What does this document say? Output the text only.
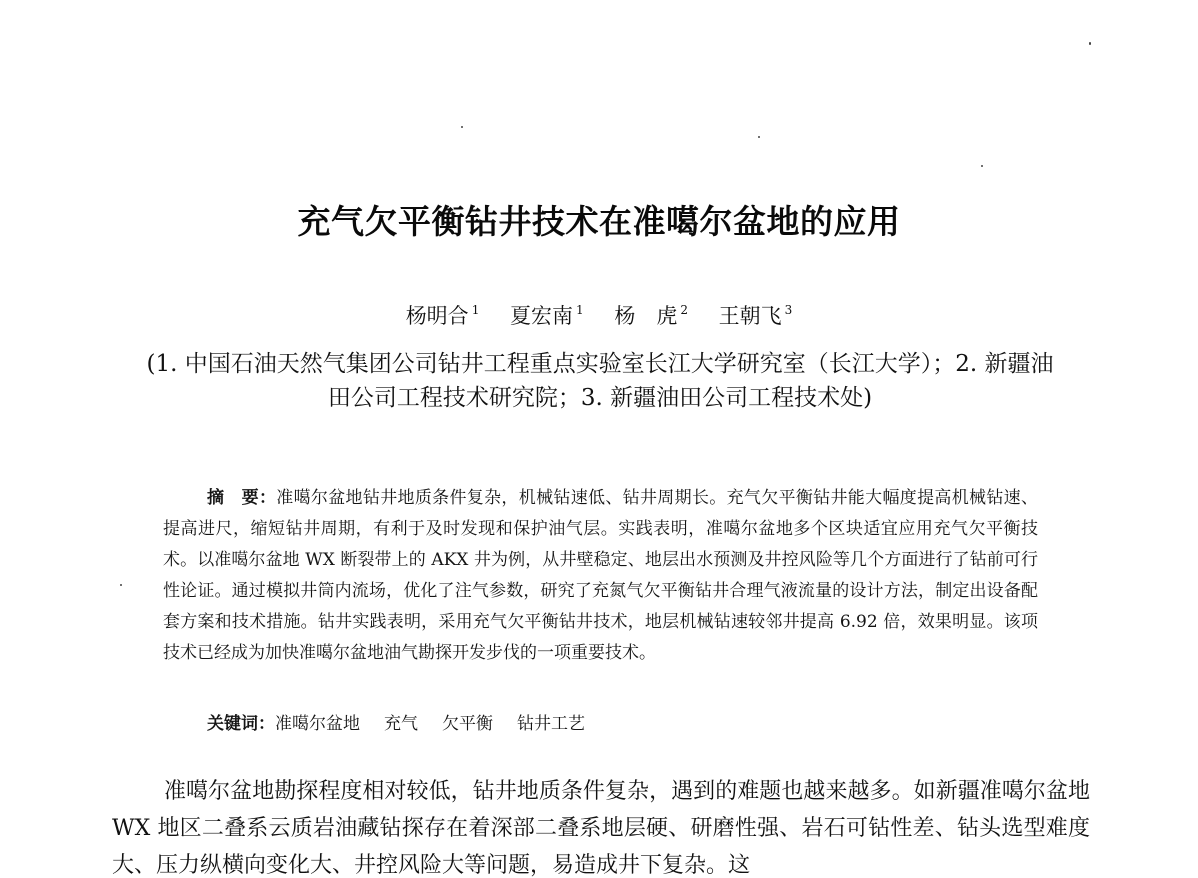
充气欠平衡钻井技术在准噶尔盆地的应用
杨明合 $^1$ 夏宏南 $^1$ 杨　虎 $^2$ 王朝飞 $^3$
(1. 中国石油天然气集团公司钻井工程重点实验室长江大学研究室（长江大学）；2. 新疆油田公司工程技术研究院；3. 新疆油田公司工程技术处)
摘　要：准噶尔盆地钻井地质条件复杂，机械钻速低、钻井周期长。充气欠平衡钻井能大幅度提高机械钻速、提高进尺，缩短钻井周期，有利于及时发现和保护油气层。实践表明，准噶尔盆地多个区块适宜应用充气欠平衡技术。以准噶尔盆地 WX 断裂带上的 AKX 井为例，从井壁稳定、地层出水预测及井控风险等几个方面进行了钻前可行性论证。通过模拟井筒内流场，优化了注气参数，研究了充氮气欠平衡钻井合理气液流量的设计方法，制定出设备配套方案和技术措施。钻井实践表明，采用充气欠平衡钻井技术，地层机械钻速较邻井提高 6.92 倍，效果明显。该项技术已经成为加快准噶尔盆地油气勘探开发步伐的一项重要技术。
关键词：准噶尔盆地 充气 欠平衡 钻井工艺
准噶尔盆地勘探程度相对较低，钻井地质条件复杂，遇到的难题也越来越多。如新疆准噶尔盆地 WX 地区二叠系云质岩油藏钻探存在着深部二叠系地层硬、研磨性强、岩石可钻性差、钻头选型难度大、压力纵横向变化大、井控风险大等问题，易造成井下复杂。这
